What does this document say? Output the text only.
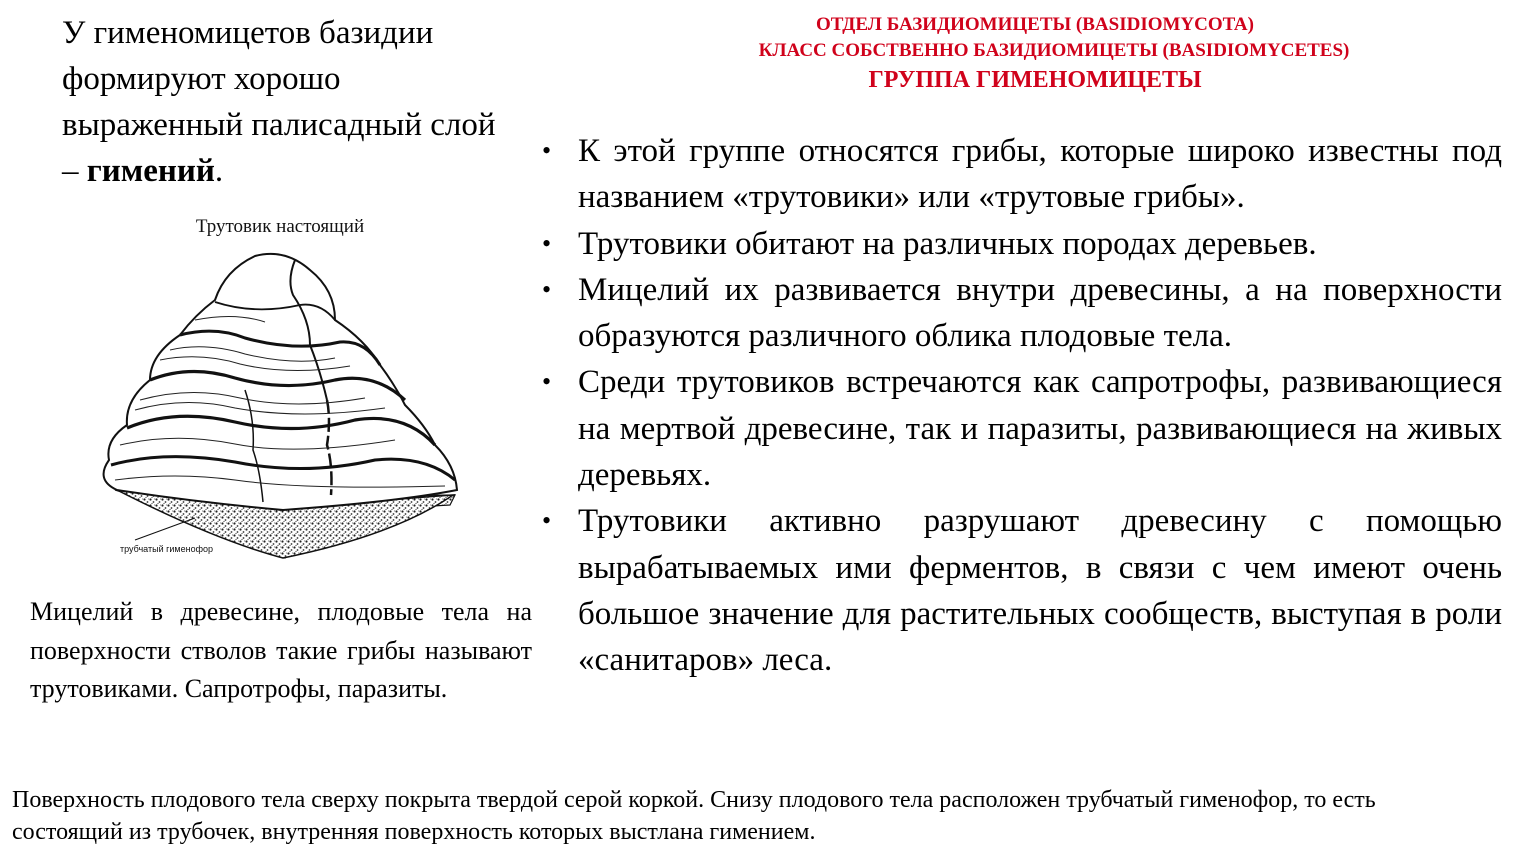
У гименомицетов базидии формируют хорошо выраженный палисадный слой – гимений.
ОТДЕЛ БАЗИДИОМИЦЕТЫ (BASIDIOMYCOTA)
КЛАСС СОБСТВЕННО БАЗИДИОМИЦЕТЫ (BASIDIOMYCETES)
ГРУППА ГИМЕНОМИЦЕТЫ
Трутовик настоящий
трубчатый гименофор
Мицелий в древесине, плодовые тела на поверхности стволов такие грибы называют трутовиками. Сапротрофы, паразиты.
• К этой группе относятся грибы, которые широко известны под названием «трутовики» или «трутовые грибы».
• Трутовики обитают на различных породах деревьев.
• Мицелий их развивается внутри древесины, а на поверхности образуются различного облика плодовые тела.
• Среди трутовиков встречаются как сапротрофы, развивающиеся на мертвой древесине, так и паразиты, развивающиеся на живых деревьях.
• Трутовики активно разрушают древесину с помощью вырабатываемых ими ферментов, в связи с чем имеют очень большое значение для растительных сообществ, выступая в роли «санитаров» леса.
Поверхность плодового тела сверху покрыта твердой серой коркой. Снизу плодового тела расположен трубчатый гименофор, то есть состоящий из трубочек, внутренняя поверхность которых выстлана гимением.
